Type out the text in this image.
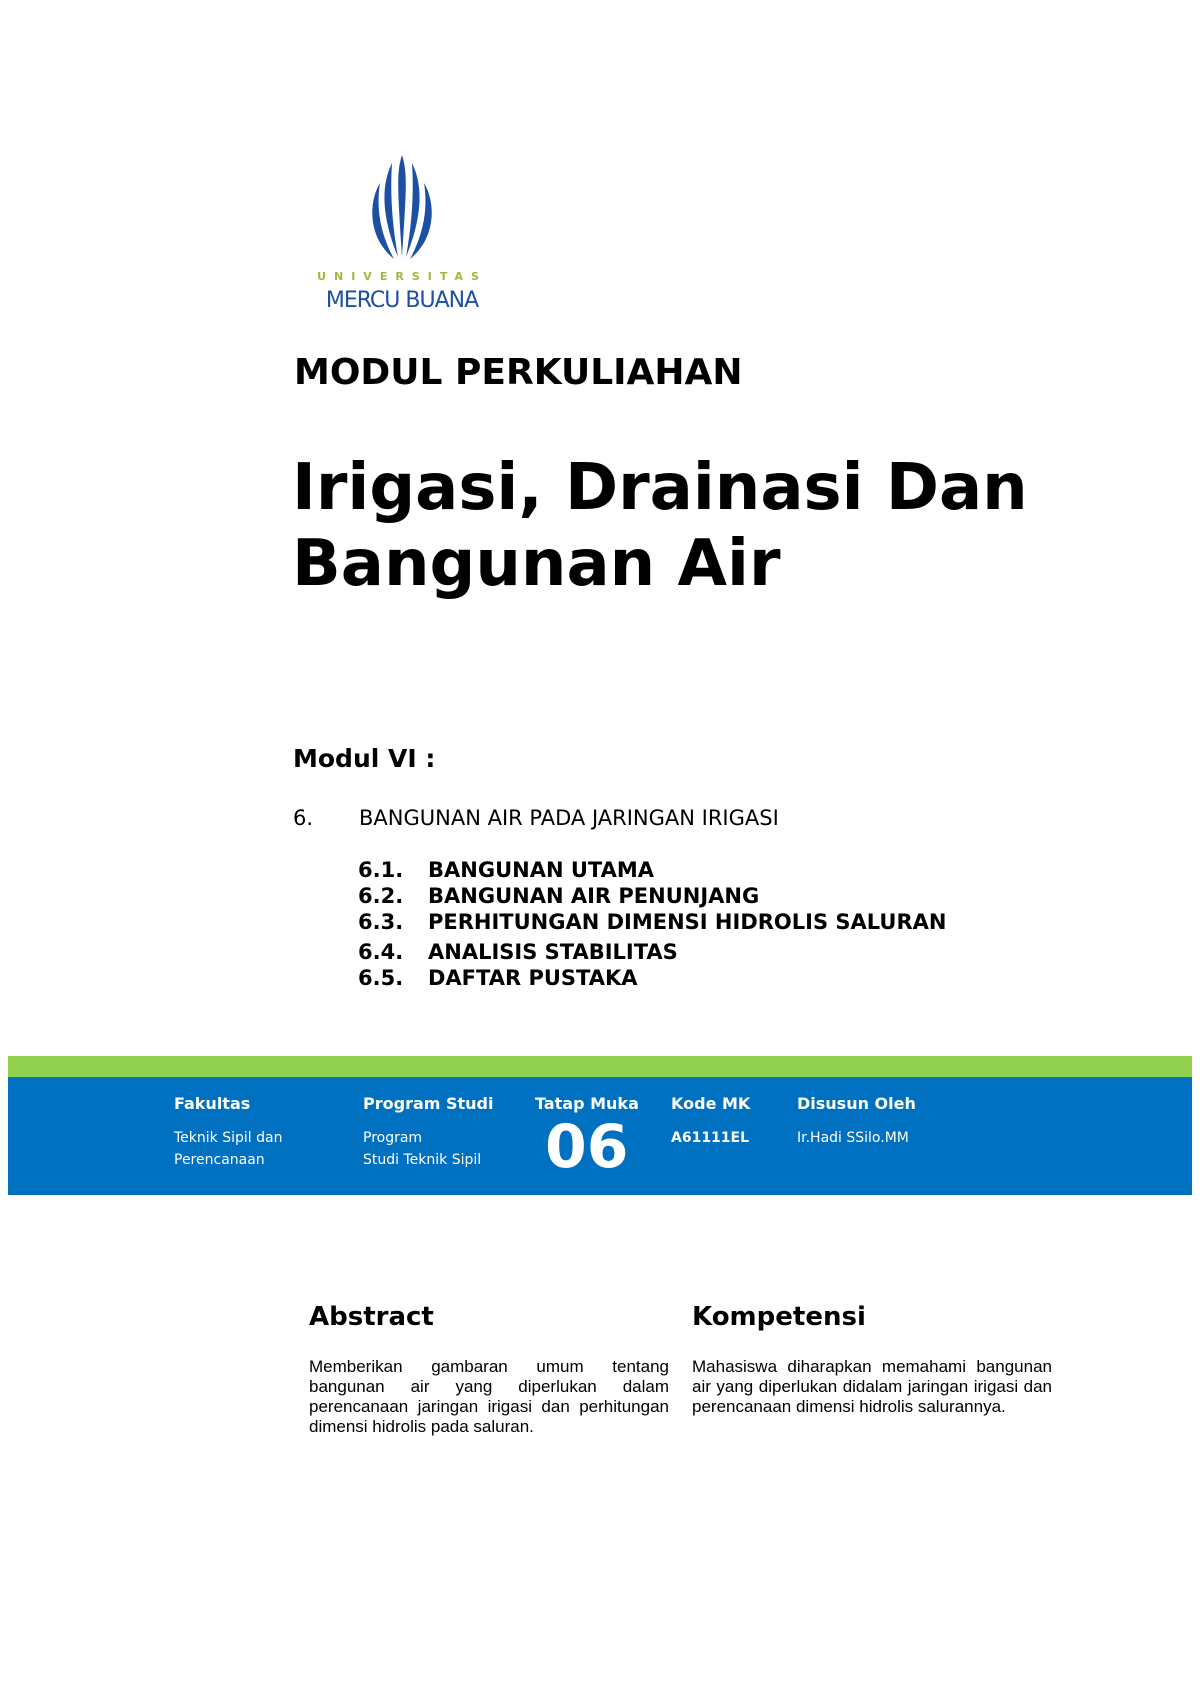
UNIVERSITAS
MERCU BUANA
MODUL PERKULIAHAN
Irigasi, Drainasi Dan
Bangunan Air
Modul VI :
6. BANGUNAN AIR PADA JARINGAN IRIGASI
6.1. BANGUNAN UTAMA
6.2. BANGUNAN AIR PENUNJANG
6.3. PERHITUNGAN DIMENSI HIDROLIS SALURAN
6.4. ANALISIS STABILITAS
6.5. DAFTAR PUSTAKA
Fakultas
Teknik Sipil dan
Perencanaan
Program Studi
Program
Studi Teknik Sipil
Tatap Muka
06
Kode MK
A61111EL
Disusun Oleh
Ir.Hadi SSilo.MM
Abstract
Memberikan gambaran umum tentang bangunan air yang diperlukan dalam perencanaan jaringan irigasi dan perhitungan dimensi hidrolis pada saluran.
Kompetensi
Mahasiswa diharapkan memahami bangunan air yang diperlukan didalam jaringan irigasi dan perencanaan dimensi hidrolis salurannya.
